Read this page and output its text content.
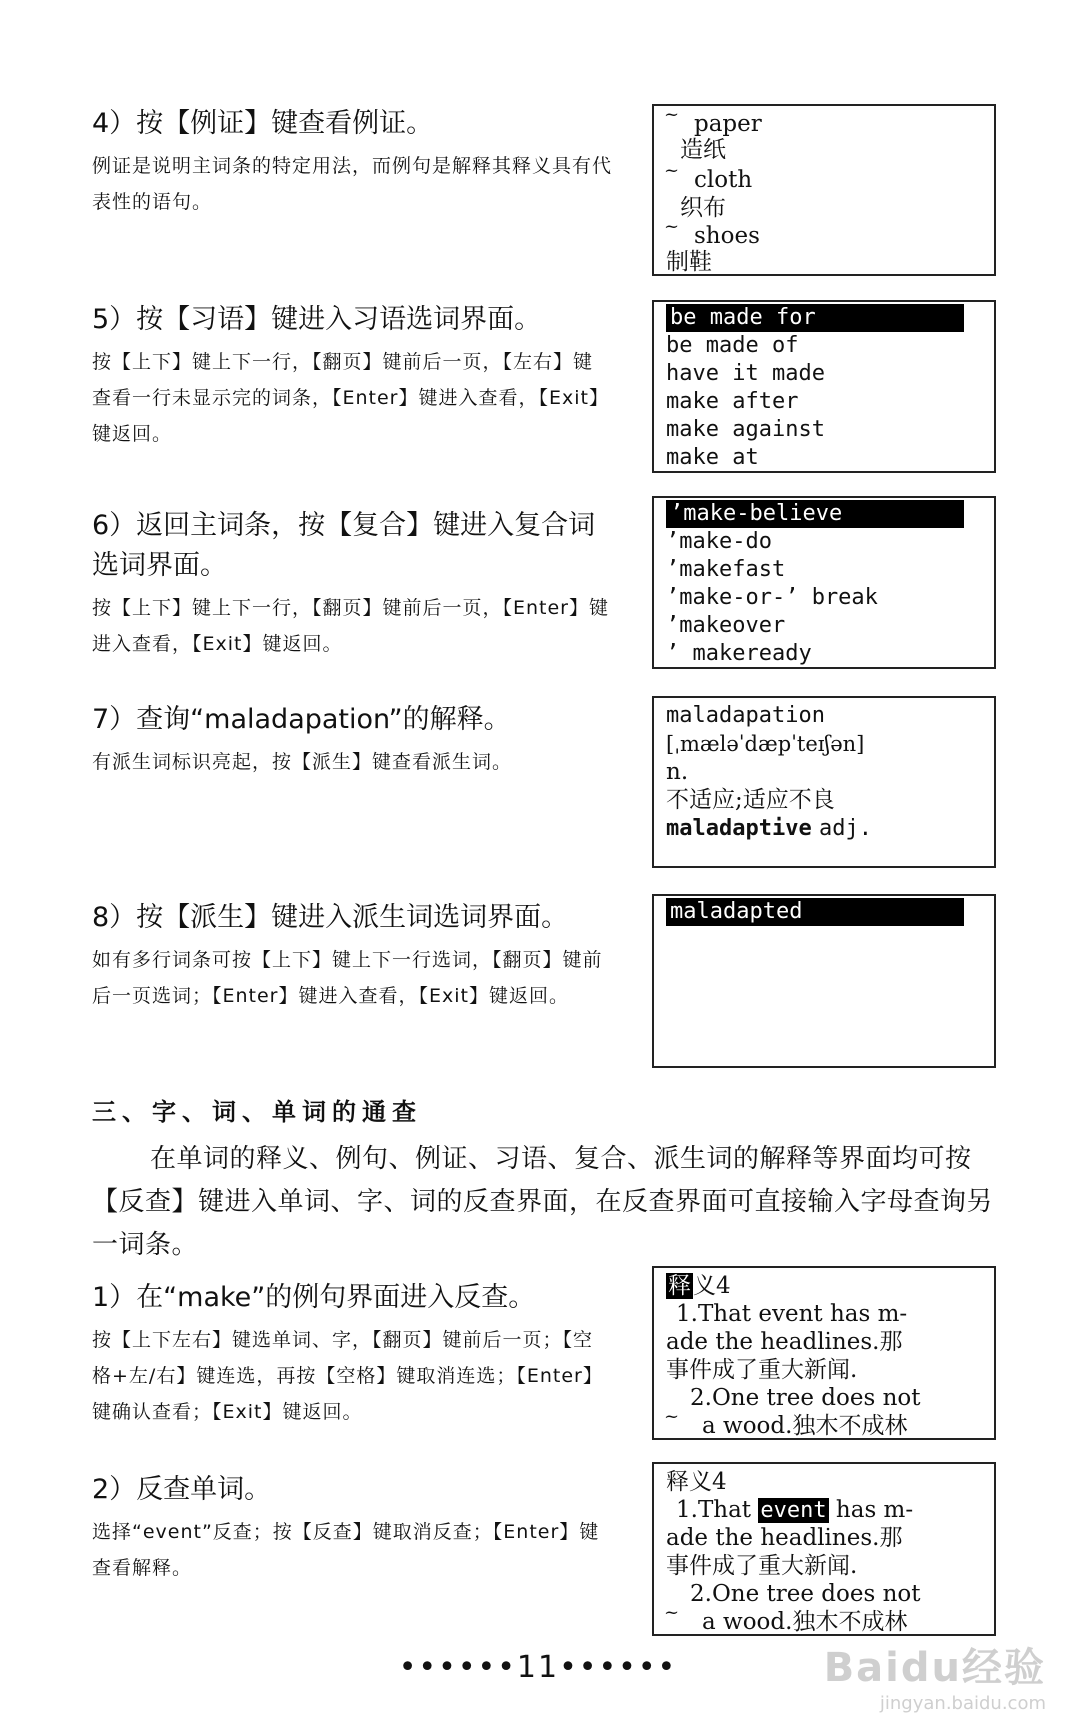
4）按【例证】键查看例证。

例证是说明主词条的特定用法，而例句是解释其释义具有代表性的语句。

~ paper
造纸
~ cloth
织布
~ shoes
制鞋

5）按【习语】键进入习语选词界面。

按【上下】键上下一行，【翻页】键前后一页，【左右】键查看一行未显示完的词条，【Enter】键进入查看，【Exit】键返回。

be made for
be made of
have it made
make after
make against
make at

6）返回主词条，按【复合】键进入复合词选词界面。

按【上下】键上下一行，【翻页】键前后一页，【Enter】键进入查看，【Exit】键返回。

’make-believe
’make-do
’makefast
’make-or-’ break
’makeover
’ makeready

7）查询“maladapation”的解释。

有派生词标识亮起，按【派生】键查看派生词。

maladapation
[ˌmæləˈdæpˈteɪʃən]
n.
不适应;适应不良
maladaptive adj.

8）按【派生】键进入派生词选词界面。

如有多行词条可按【上下】键上下一行选词，【翻页】键前后一页选词；【Enter】键进入查看，【Exit】键返回。

maladapted
三、字、词、单词的通查

在单词的释义、例句、例证、习语、复合、派生词的解释等界面均可按【反查】键进入单词、字、词的反查界面，在反查界面可直接输入字母查询另一词条。

1）在“make”的例句界面进入反查。

按【上下左右】键选单词、字，【翻页】键前后一页；【空格+左/右】键连选，再按【空格】键取消连选；【Enter】键确认查看；【Exit】键返回。

释义4
1.That event has m-
ade the headlines.那
事件成了重大新闻.
2.One tree does not
~ a wood.独木不成林

2）反查单词。

选择“event”反查；按【反查】键取消反查；【Enter】键查看解释。

释义4
1.That event has m-
ade the headlines.那
事件成了重大新闻.
2.One tree does not
~ a wood.独木不成林
••••••11••••••	Baidu经验
jingyan.baidu.com
